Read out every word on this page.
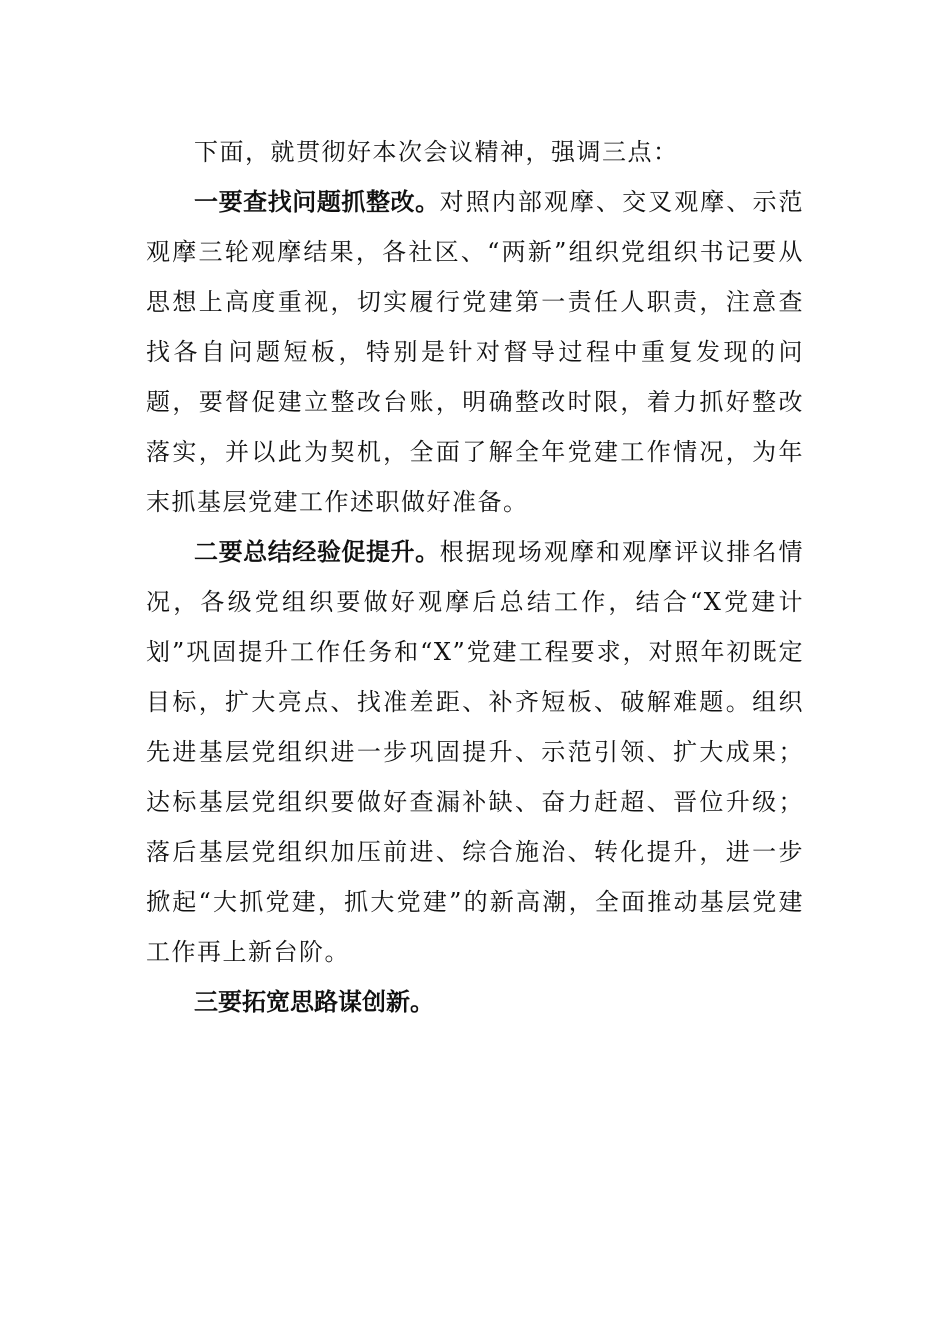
下面，就贯彻好本次会议精神，强调三点：

一要查找问题抓整改。对照内部观摩、交叉观摩、示范观摩三轮观摩结果，各社区、“两新”组织党组织书记要从思想上高度重视，切实履行党建第一责任人职责，注意查找各自问题短板，特别是针对督导过程中重复发现的问题，要督促建立整改台账，明确整改时限，着力抓好整改落实，并以此为契机，全面了解全年党建工作情况，为年末抓基层党建工作述职做好准备。

二要总结经验促提升。根据现场观摩和观摩评议排名情况，各级党组织要做好观摩后总结工作，结合“X党建计划”巩固提升工作任务和“X”党建工程要求，对照年初既定目标，扩大亮点、找准差距、补齐短板、破解难题。组织先进基层党组织进一步巩固提升、示范引领、扩大成果；达标基层党组织要做好查漏补缺、奋力赶超、晋位升级；落后基层党组织加压前进、综合施治、转化提升，进一步掀起“大抓党建，抓大党建”的新高潮，全面推动基层党建工作再上新台阶。

三要拓宽思路谋创新。
